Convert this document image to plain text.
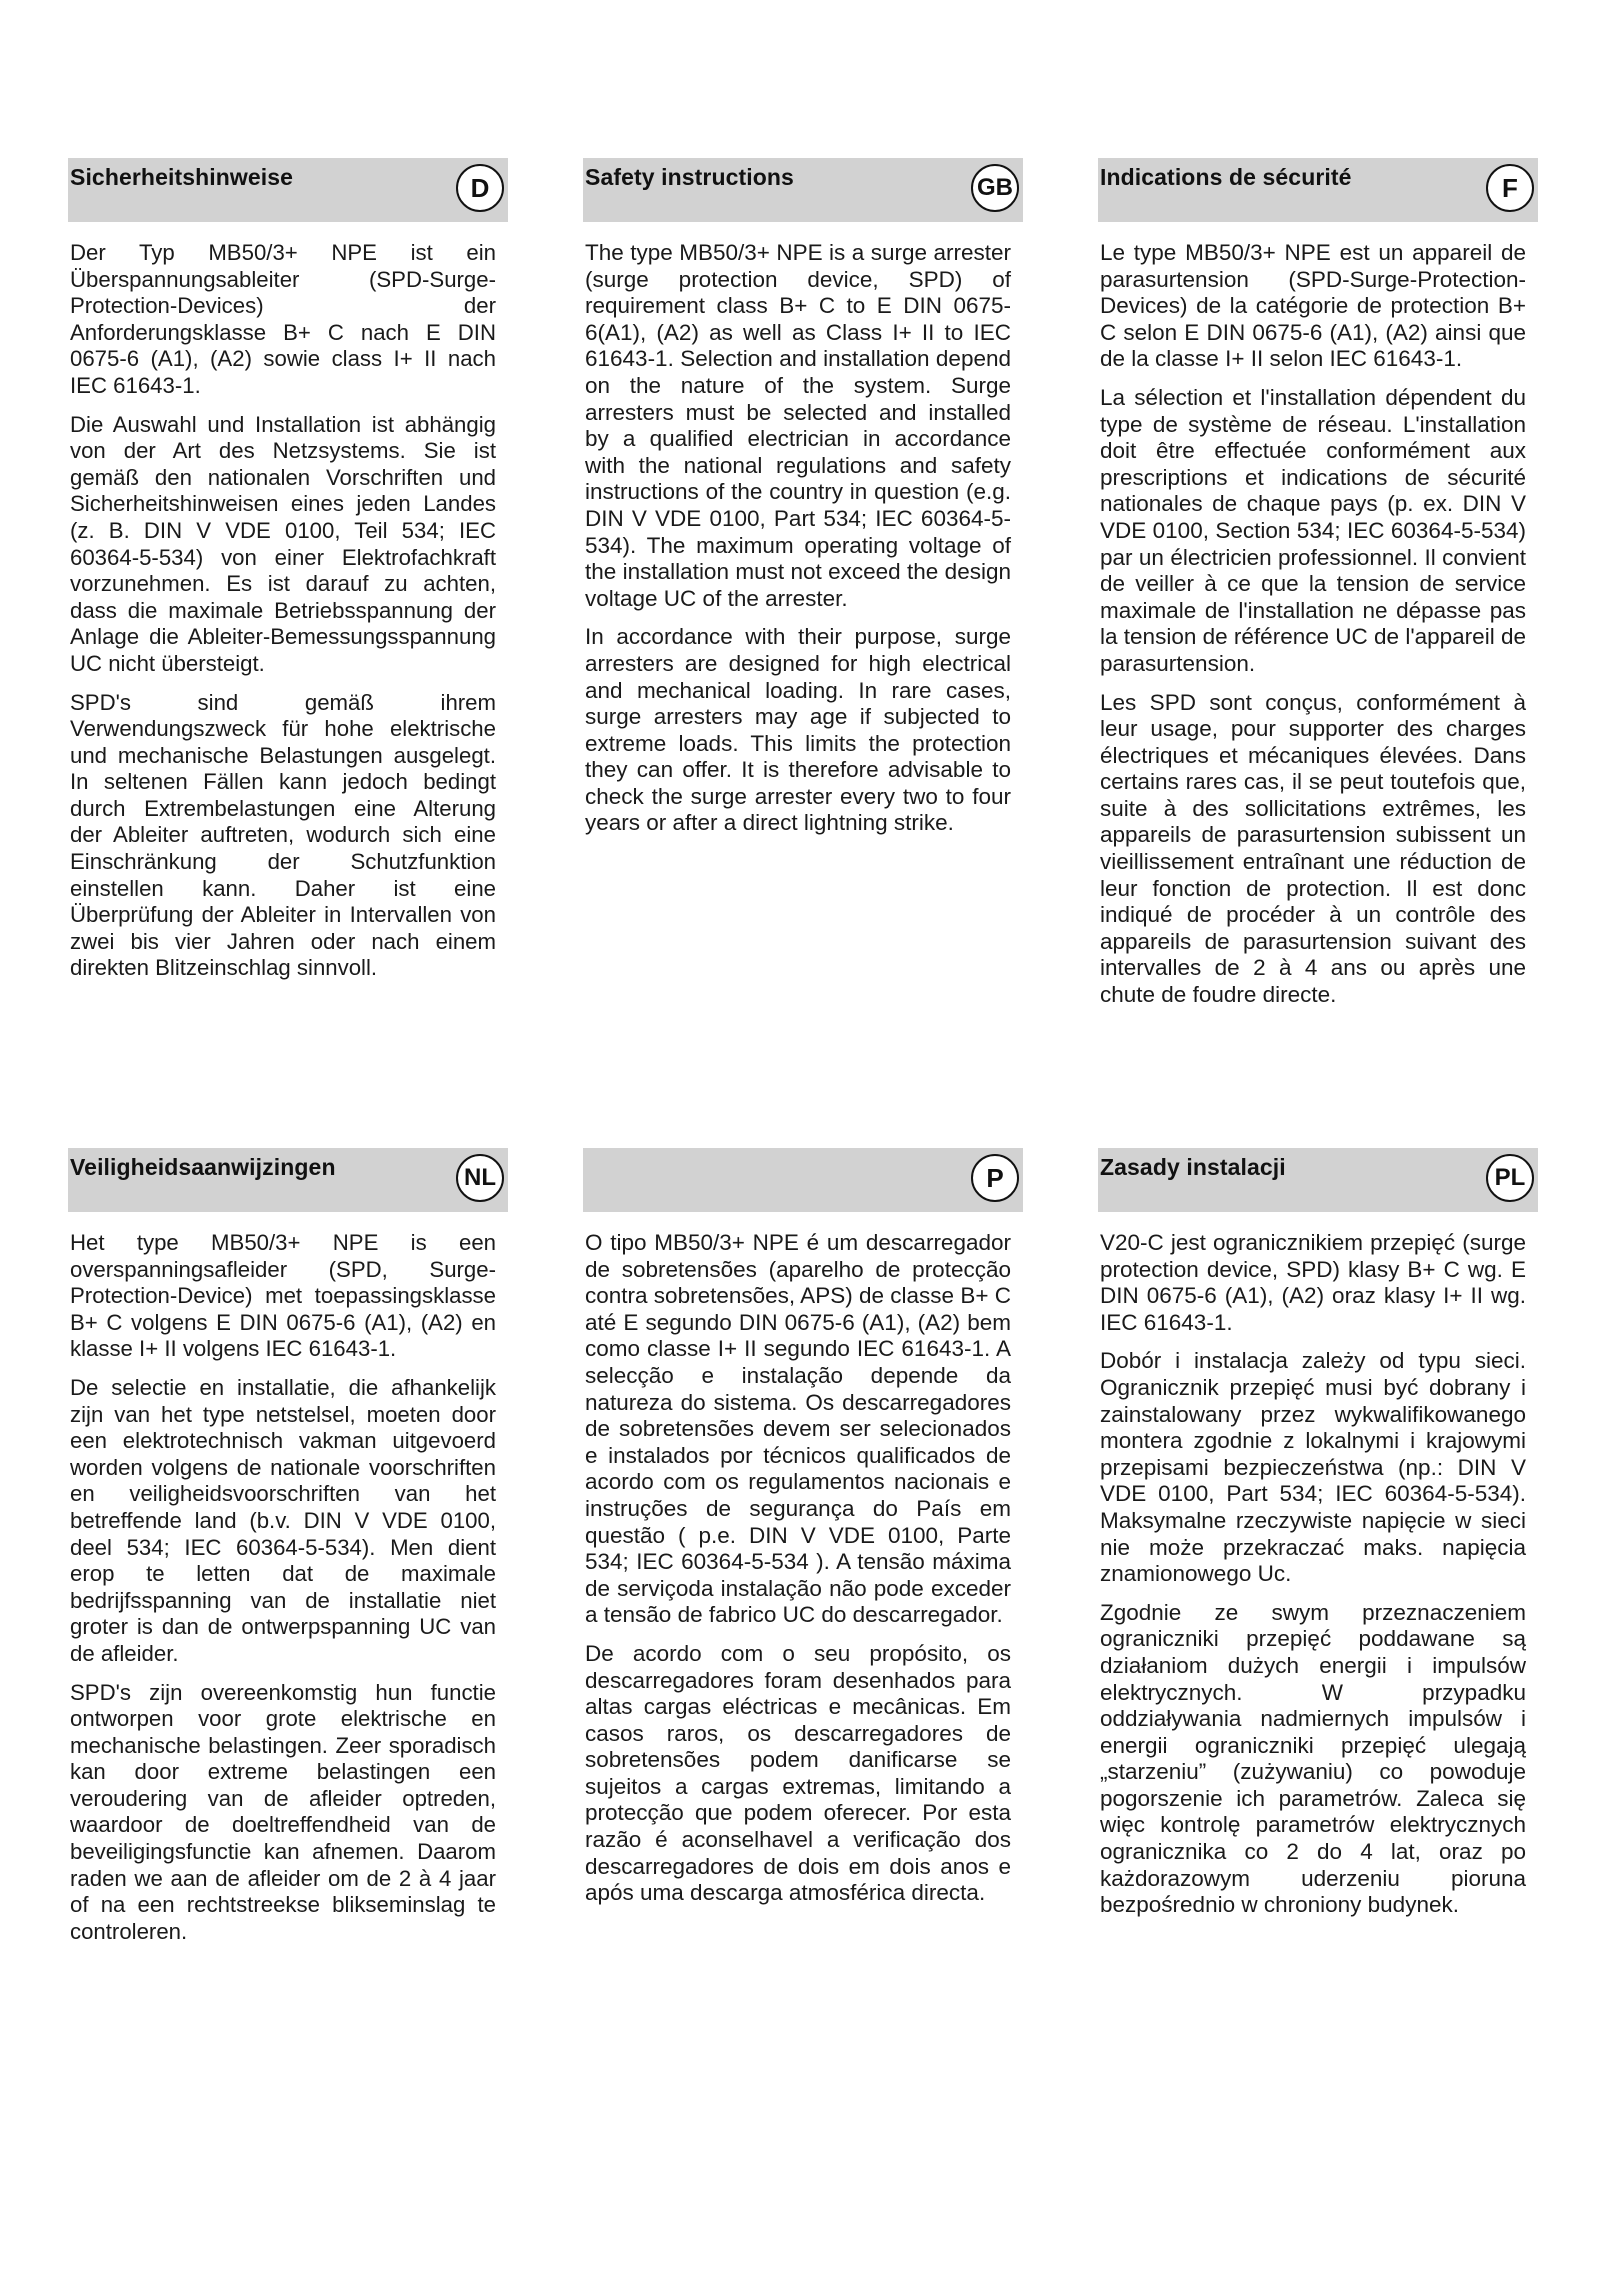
Sicherheitshinweise	D

Der Typ MB50/3+ NPE ist ein Überspannungsableiter (SPD-Surge-Protection-Devices) der Anforderungsklasse B+ C nach E DIN 0675-6 (A1), (A2) sowie class I+ II nach IEC 61643-1.

Die Auswahl und Installation ist abhängig von der Art des Netzsystems. Sie ist gemäß den nationalen Vorschriften und Sicherheitshinweisen eines jeden Landes (z. B. DIN V VDE 0100, Teil 534; IEC 60364-5-534) von einer Elektrofachkraft vorzunehmen. Es ist darauf zu achten, dass die maximale Betriebsspannung der Anlage die Ableiter-Bemessungsspannung UC nicht übersteigt.

SPD's sind gemäß ihrem Verwendungszweck für hohe elektrische und mechanische Belastungen ausgelegt. In seltenen Fällen kann jedoch bedingt durch Extrembelastungen eine Alterung der Ableiter auftreten, wodurch sich eine Einschränkung der Schutzfunktion einstellen kann. Daher ist eine Überprüfung der Ableiter in Intervallen von zwei bis vier Jahren oder nach einem direkten Blitzeinschlag sinnvoll.

Safety instructions	GB

The type MB50/3+ NPE is a surge arrester (surge protection device, SPD) of requirement class B+ C to E DIN 0675-6(A1), (A2) as well as Class I+ II to IEC 61643-1. Selection and installation depend on the nature of the system. Surge arresters must be selected and installed by a qualified electrician in accordance with the national regulations and safety instructions of the country in question (e.g. DIN V VDE 0100, Part 534; IEC 60364-5-534). The maximum operating voltage of the installation must not exceed the design voltage UC of the arrester.

In accordance with their purpose, surge arresters are designed for high electrical and mechanical loading. In rare cases, surge arresters may age if subjected to extreme loads. This limits the protection they can offer. It is therefore advisable to check the surge arrester every two to four years or after a direct lightning strike.

Indications de sécurité	F

Le type MB50/3+ NPE est un appareil de parasurtension (SPD-Surge-Protection-Devices) de la catégorie de protection B+ C selon E DIN 0675-6 (A1), (A2) ainsi que de la classe I+ II selon IEC 61643-1.

La sélection et l'installation dépendent du type de système de réseau. L'installation doit être effectuée conformément aux prescriptions et indications de sécurité nationales de chaque pays (p. ex. DIN V VDE 0100, Section 534; IEC 60364-5-534) par un électricien professionnel. Il convient de veiller à ce que la tension de service maximale de l'installation ne dépasse pas la tension de référence UC de l'appareil de parasurtension.

Les SPD sont conçus, conformément à leur usage, pour supporter des charges électriques et mécaniques élevées. Dans certains rares cas, il se peut toutefois que, suite à des sollicitations extrêmes, les appareils de parasurtension subissent un vieillissement entraînant une réduction de leur fonction de protection. Il est donc indiqué de procéder à un contrôle des appareils de parasurtension suivant des intervalles de 2 à 4 ans ou après une chute de foudre directe.

Veiligheidsaanwijzingen	NL

Het type MB50/3+ NPE is een overspanningsafleider (SPD, Surge-Protection-Device) met toepassingsklasse B+ C volgens E DIN 0675-6 (A1), (A2) en klasse I+ II volgens IEC 61643-1.

De selectie en installatie, die afhankelijk zijn van het type netstelsel, moeten door een elektrotechnisch vakman uitgevoerd worden volgens de nationale voorschriften en veiligheidsvoorschriften van het betreffende land (b.v. DIN V VDE 0100, deel 534; IEC 60364-5-534). Men dient erop te letten dat de maximale bedrijfsspanning van de installatie niet groter is dan de ontwerpspanning UC van de afleider.

SPD's zijn overeenkomstig hun functie ontworpen voor grote elektrische en mechanische belastingen. Zeer sporadisch kan door extreme belastingen een veroudering van de afleider optreden, waardoor de doeltreffendheid van de beveiligingsfunctie kan afnemen. Daarom raden we aan de afleider om de 2 à 4 jaar of na een rechtstreekse blikseminslag te controleren.

P

O tipo MB50/3+ NPE é um descarregador de sobretensões (aparelho de protecção contra sobretensões, APS) de classe B+ C até E segundo DIN 0675-6 (A1), (A2) bem como classe I+ II segundo IEC 61643-1. A selecção e instalação depende da natureza do sistema. Os descarregadores de sobretensões devem ser selecionados e instalados por técnicos qualificados de acordo com os regulamentos nacionais e instruções de segurança do País em questão ( p.e. DIN V VDE 0100, Parte 534; IEC 60364-5-534 ). A tensão máxima de serviçoda instalação não pode exceder a tensão de fabrico UC do descarregador.

De acordo com o seu propósito, os descarregadores foram desenhados para altas cargas eléctricas e mecânicas. Em casos raros, os descarregadores de sobretensões podem danificarse se sujeitos a cargas extremas, limitando a protecção que podem oferecer. Por esta razão é aconselhavel a verificação dos descarregadores de dois em dois anos e após uma descarga atmosférica directa.

Zasady instalacji	PL

V20-C jest ogranicznikiem przepięć (surge protection device, SPD) klasy B+ C wg. E DIN 0675-6 (A1), (A2) oraz klasy I+ II wg. IEC 61643-1.

Dobór i instalacja zależy od typu sieci. Ogranicznik przepięć musi być dobrany i zainstalowany przez wykwalifikowanego montera zgodnie z lokalnymi i krajowymi przepisami bezpieczeństwa (np.: DIN V VDE 0100, Part 534; IEC 60364-5-534). Maksymalne rzeczywiste napięcie w sieci nie może przekraczać maks. napięcia znamionowego Uc.

Zgodnie ze swym przeznaczeniem ograniczniki przepięć poddawane są działaniom dużych energii i impulsów elektrycznych. W przypadku oddziaływania nadmiernych impulsów i energii ograniczniki przepięć ulegają „starzeniu” (zużywaniu) co powoduje pogorszenie ich parametrów. Zaleca się więc kontrolę parametrów elektrycznych ogranicznika co 2 do 4 lat, oraz po każdorazowym uderzeniu pioruna bezpośrednio w chroniony budynek.
